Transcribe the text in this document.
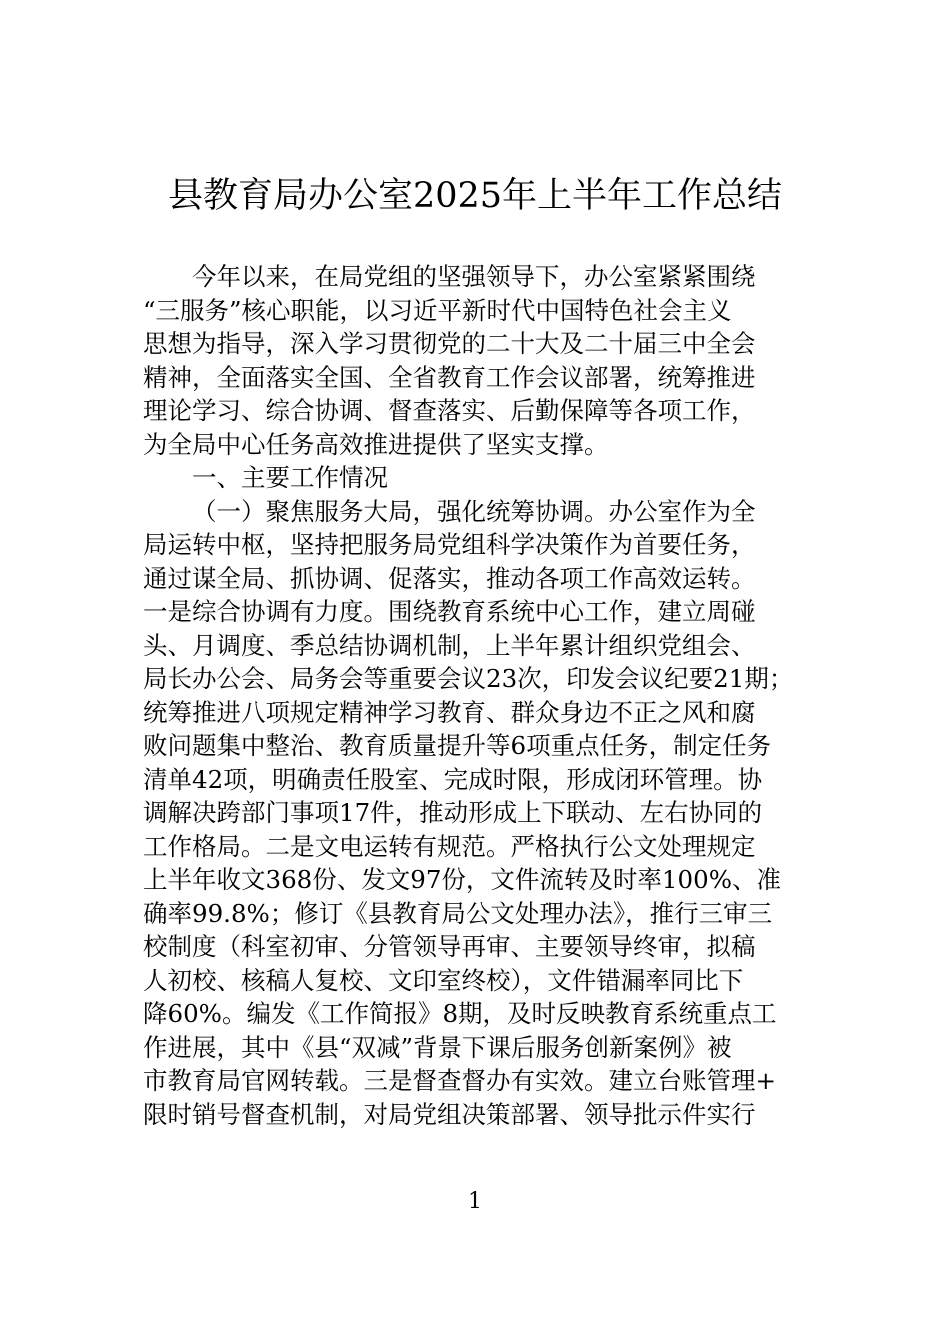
县教育局办公室2025年上半年工作总结
今年以来，在局党组的坚强领导下，办公室紧紧围绕
“三服务”核心职能，以习近平新时代中国特色社会主义
思想为指导，深入学习贯彻党的二十大及二十届三中全会
精神，全面落实全国、全省教育工作会议部署，统筹推进
理论学习、综合协调、督查落实、后勤保障等各项工作，
为全局中心任务高效推进提供了坚实支撑。
一、主要工作情况
（一）聚焦服务大局，强化统筹协调。办公室作为全
局运转中枢，坚持把服务局党组科学决策作为首要任务，
通过谋全局、抓协调、促落实，推动各项工作高效运转。
一是综合协调有力度。围绕教育系统中心工作，建立周碰
头、月调度、季总结协调机制，上半年累计组织党组会、
局长办公会、局务会等重要会议23次，印发会议纪要21期；
统筹推进八项规定精神学习教育、群众身边不正之风和腐
败问题集中整治、教育质量提升等6项重点任务，制定任务
清单42项，明确责任股室、完成时限，形成闭环管理。协
调解决跨部门事项17件，推动形成上下联动、左右协同的
工作格局。二是文电运转有规范。严格执行公文处理规定
上半年收文368份、发文97份，文件流转及时率100%、准
确率99.8%；修订《县教育局公文处理办法》，推行三审三
校制度（科室初审、分管领导再审、主要领导终审，拟稿
人初校、核稿人复校、文印室终校），文件错漏率同比下
降60%。编发《工作简报》8期，及时反映教育系统重点工
作进展，其中《县“双减”背景下课后服务创新案例》被
市教育局官网转载。三是督查督办有实效。建立台账管理+
限时销号督查机制，对局党组决策部署、领导批示件实行
1
